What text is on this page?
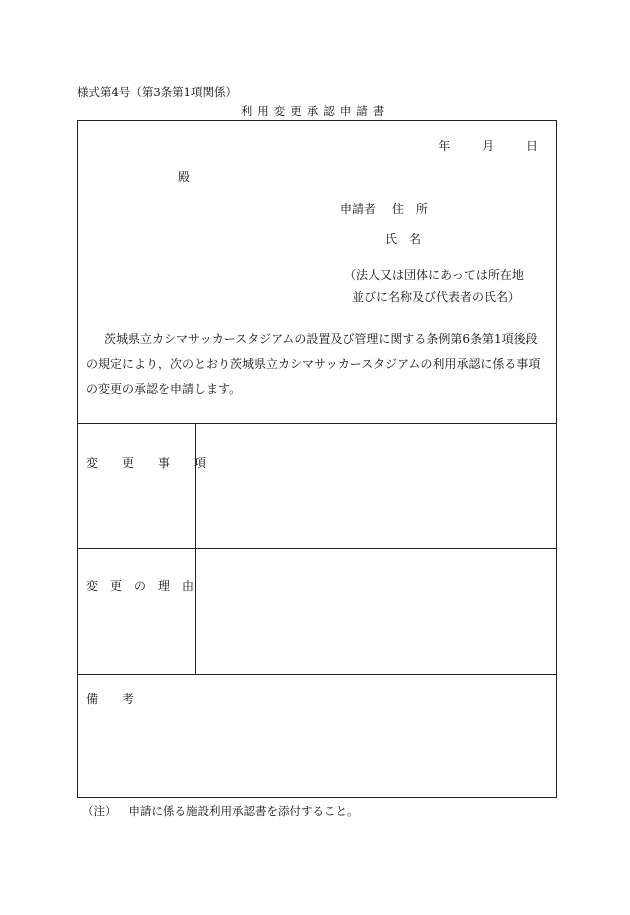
様式第4号（第3条第1項関係）
利用変更承認申請書
年	月	日
殿
申請者 住　所
氏　名
（法人又は団体にあっては所在地
並びに名称及び代表者の氏名）
茨城県立カシマサッカースタジアムの設置及び管理に関する条例第6条第1項後段の規定により，次のとおり茨城県立カシマサッカースタジアムの利用承認に係る事項の変更の承認を申請します。
変　　更　　事　　項
変　更　の　理　由
備　　考
（注） 申請に係る施設利用承認書を添付すること。
